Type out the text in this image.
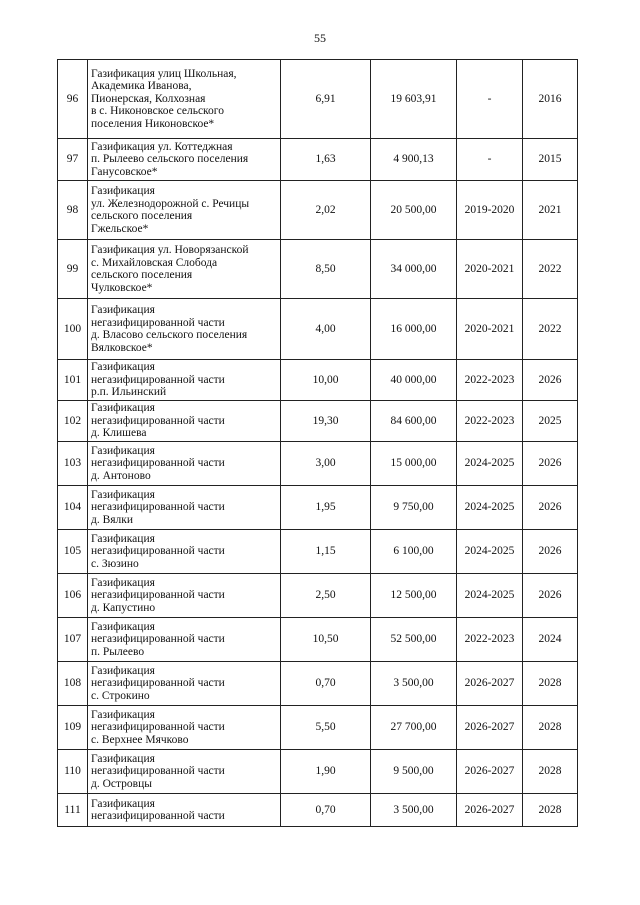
55
96	Газификация улиц Школьная,
Академика Иванова,
Пионерская, Колхозная
в с. Никоновское сельского
поселения Никоновское*	6,91	19 603,91	-	2016
97	Газификация ул. Коттеджная
п. Рылеево сельского поселения
Ганусовское*	1,63	4 900,13	-	2015
98	Газификация
ул. Железнодорожной с. Речицы
сельского поселения
Гжельское*	2,02	20 500,00	2019-2020	2021
99	Газификация ул. Новорязанской
с. Михайловская Слобода
сельского поселения
Чулковское*	8,50	34 000,00	2020-2021	2022
100	Газификация
негазифицированной части
д. Власово сельского поселения
Вялковское*	4,00	16 000,00	2020-2021	2022
101	Газификация
негазифицированной части
р.п. Ильинский	10,00	40 000,00	2022-2023	2026
102	Газификация
негазифицированной части
д. Клишева	19,30	84 600,00	2022-2023	2025
103	Газификация
негазифицированной части
д. Антоново	3,00	15 000,00	2024-2025	2026
104	Газификация
негазифицированной части
д. Вялки	1,95	9 750,00	2024-2025	2026
105	Газификация
негазифицированной части
с. Зюзино	1,15	6 100,00	2024-2025	2026
106	Газификация
негазифицированной части
д. Капустино	2,50	12 500,00	2024-2025	2026
107	Газификация
негазифицированной части
п. Рылеево	10,50	52 500,00	2022-2023	2024
108	Газификация
негазифицированной части
с. Строкино	0,70	3 500,00	2026-2027	2028
109	Газификация
негазифицированной части
с. Верхнее Мячково	5,50	27 700,00	2026-2027	2028
110	Газификация
негазифицированной части
д. Островцы	1,90	9 500,00	2026-2027	2028
111	Газификация
негазифицированной части	0,70	3 500,00	2026-2027	2028
